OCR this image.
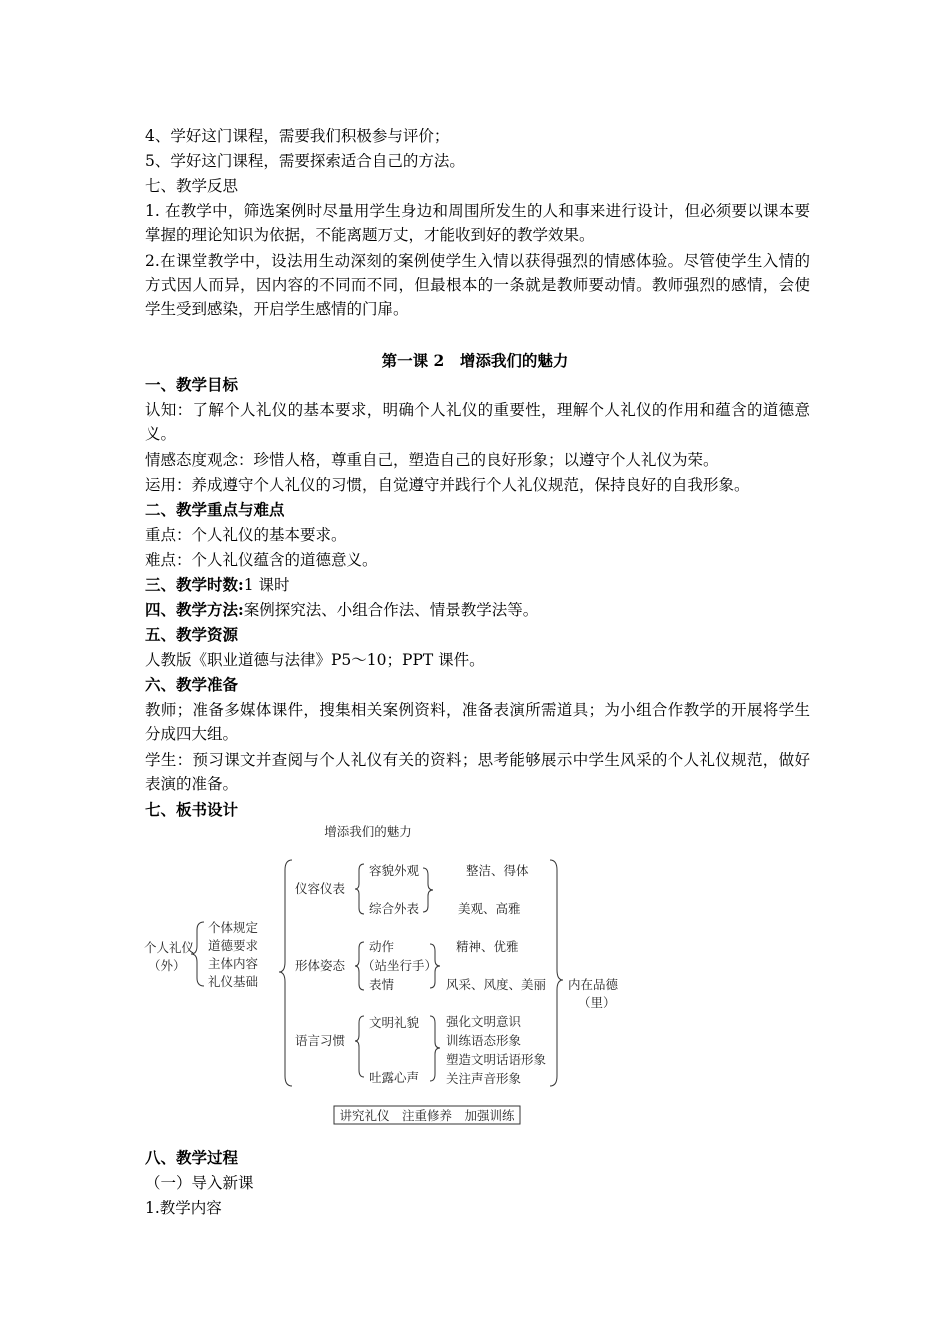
4、学好这门课程，需要我们积极参与评价；
5、学好这门课程，需要探索适合自己的方法。
七、教学反思
1. 在教学中，筛选案例时尽量用学生身边和周围所发生的人和事来进行设计，但必须要以课本要掌握的理论知识为依据，不能离题万丈，才能收到好的教学效果。
2.在课堂教学中，设法用生动深刻的案例使学生入情以获得强烈的情感体验。尽管使学生入情的方式因人而异，因内容的不同而不同，但最根本的一条就是教师要动情。教师强烈的感情，会使学生受到感染，开启学生感情的门扉。
第一课 2　增添我们的魅力
一、教学目标
认知：了解个人礼仪的基本要求，明确个人礼仪的重要性，理解个人礼仪的作用和蕴含的道德意义。
情感态度观念：珍惜人格，尊重自己，塑造自己的良好形象；以遵守个人礼仪为荣。
运用：养成遵守个人礼仪的习惯，自觉遵守并践行个人礼仪规范，保持良好的自我形象。
二、教学重点与难点
重点：个人礼仪的基本要求。
难点：个人礼仪蕴含的道德意义。
三、教学时数:1 课时
四、教学方法:案例探究法、小组合作法、情景教学法等。
五、教学资源
人教版《职业道德与法律》P5～10；PPT 课件。
六、教学准备
教师；准备多媒体课件，搜集相关案例资料，准备表演所需道具；为小组合作教学的开展将学生分成四大组。
学生：预习课文并查阅与个人礼仪有关的资料；思考能够展示中学生风采的个人礼仪规范，做好表演的准备。
七、板书设计
增添我们的魅力
个人礼仪
（外）
个体规定
道德要求
主体内容
礼仪基础
仪容仪表
容貌外观
综合外表
整洁、得体
美观、高雅
形体姿态
动作
（站坐行手）
表情
精神、优雅
风采、风度、美丽
语言习惯
文明礼貌
吐露心声
强化文明意识
训练语态形象
塑造文明话语形象
关注声音形象
内在品德
（里）
讲究礼仪　注重修养　加强训练
八、教学过程
（一）导入新课
1.教学内容
